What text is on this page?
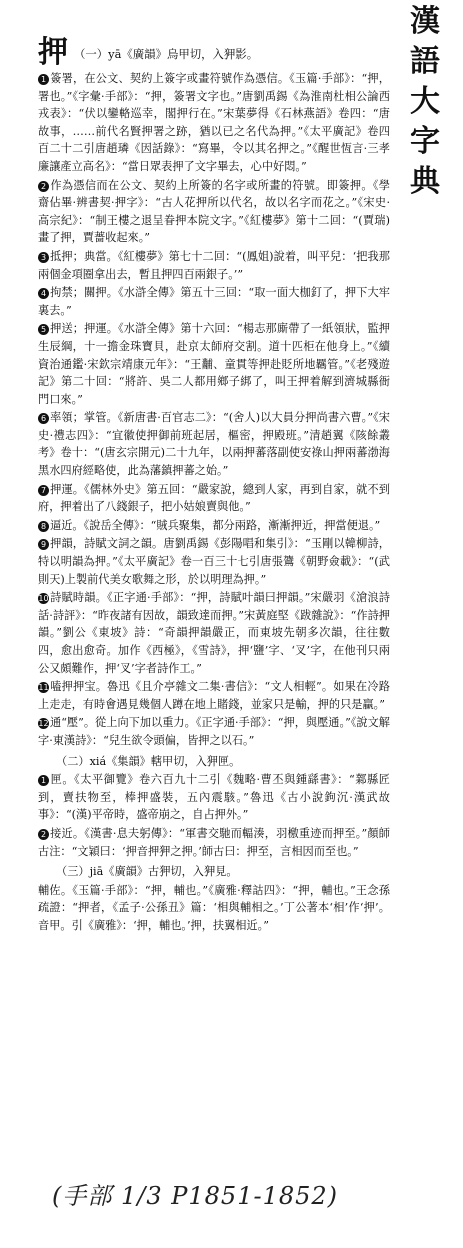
漢
語
大
字
典
押 （一）yā《廣韻》烏甲切，入狎影。
1 簽署，在公文、契約上簽字或畫符號作為憑信。《玉篇·手部》：“押，署也。”《字彙·手部》：“押，簽署文字也。”唐劉禹錫《為淮南杜相公論西戎表》：“伏以鑾輅巡幸，閣押行在。”宋葉夢得《石林燕語》卷四：“唐故事，……前代名賢押署之跡，猶以已之名代為押。”《太平廣記》卷四百二十二引唐趙璘《因話錄》：“寫畢，令以其名押之。”《醒世恆言·三孝廉讓產立高名》：“當日眾表押了文字畢去，心中好悶。”
2 作為憑信而在公文、契約上所簽的名字或所畫的符號。即簽押。《學齋佔畢·辨書契·押字》：“古人花押所以代名，故以名字而花之。”《宋史·高宗紀》：“制王樓之退呈眷押本院文字。”《紅樓夢》第十二回：“(賈瑞)畫了押，賈薔收起來。”
3 抵押；典當。《紅樓夢》第七十二回：“(鳳姐)說着，叫平兒：‘把我那兩個金項圈拿出去，暫且押四百兩銀子。’”
4 拘禁；關押。《水滸全傳》第五十三回：“取一面大枷釘了，押下大牢裏去。”
5 押送；押運。《水滸全傳》第十六回：“楊志那廝帶了一紙領狀，監押生辰綱，十一擔金珠寶貝，赴京太師府交割。道十匹柜在他身上。”《續資治通鑑·宋欽宗靖康元年》：“王黼、童貫等押赴貶所地羈管。”《老殘遊記》第二十回：“將許、吳二人都用鄉子綁了，叫王押着解到濟城縣衙門口來。”
6 率領；掌管。《新唐書·百官志二》：“(舍人)以大員分押尚書六曹。”《宋史·禮志四》：“宜徽使押御前班起居，樞密，押殿班。”清趙翼《陔餘叢考》卷十：“(唐玄宗開元)二十九年，以兩押蕃落副使安祿山押兩蕃渤海黑水四府經略使，此為藩鎮押蕃之始。”
7 押運。《儒林外史》第五回：“嚴家說，總到人家，再到自家，就不到府，押着出了八錢銀子，把小姑娘賣與他。”
8 逼近。《說岳全傳》：“賊兵聚集，都分兩路，漸漸押近，押當便退。”
9 押韻，詩賦文詞之韻。唐劉禹錫《彭陽唱和集引》：“玉剛以韓柳詩，特以明韻為押。”《太平廣記》卷一百三十七引唐張鷟《朝野僉載》：“(武則天)上製前代美女歌舞之形，於以明理為押。”
10詩賦時韻。《正字通·手部》：“押，詩賦叶韻曰押韻。”宋嚴羽《滄浪詩話·詩評》：“昨夜諸有因故，韻致達而押。”宋黃庭堅《跋雜說》：“作詩押韻。”劉公《東坡》詩：“奇韻押韻嚴正，而東坡先朝多次韻，往往數四，愈出愈奇。加作《西極》，《雪詩》，押‘鹽’字、‘叉’字，在他刊只兩公又頗難作，押‘叉’字者詩作工。”
11嗑押押宝。魯迅《且介亭雜文二集·書信》：“文人相輕”。如果在冷路上走走，有時會遇見幾個人蹲在地上賭錢，並家只是輸，押的只是贏。”
12通“壓”。從上向下加以重力。《正字通·手部》：“押，與壓通。”《說文解字·東漢詩》：“兒生欲令頭偏，皆押之以石。”
（二）xiá《集韻》轄甲切，入狎匣。
1 匣。《太平御覽》卷六百九十二引《魏略·曹丕與鍾繇書》：“鄴縣匠到，賣扶物至，棒押盛裝，五內震駭。”魯迅《古小說鉤沉·漢武故事》：“(漢)平帝時，盛帝崩之，自占押外。”
2 接近。《漢書·息夫躬傳》：“軍書交馳而輻湊，羽檄重迹而押至。”顏師古注：“文穎曰：‘押音押狎之押。’師古曰：押至，言相因而至也。”
（三）jiā《廣韻》古狎切，入狎見。
輔佐。《玉篇·手部》：“押，輔也。”《廣雅·釋詁四》：“押，輔也。”王念孫疏證：“押者，《孟子·公孫丑》篇：‘相與輔相之。’丁公著本‘相’作‘押’。音甲。引《廣雅》：‘押，輔也。’押，扶翼相近。”
(手部 1/3 P1851-1852)
